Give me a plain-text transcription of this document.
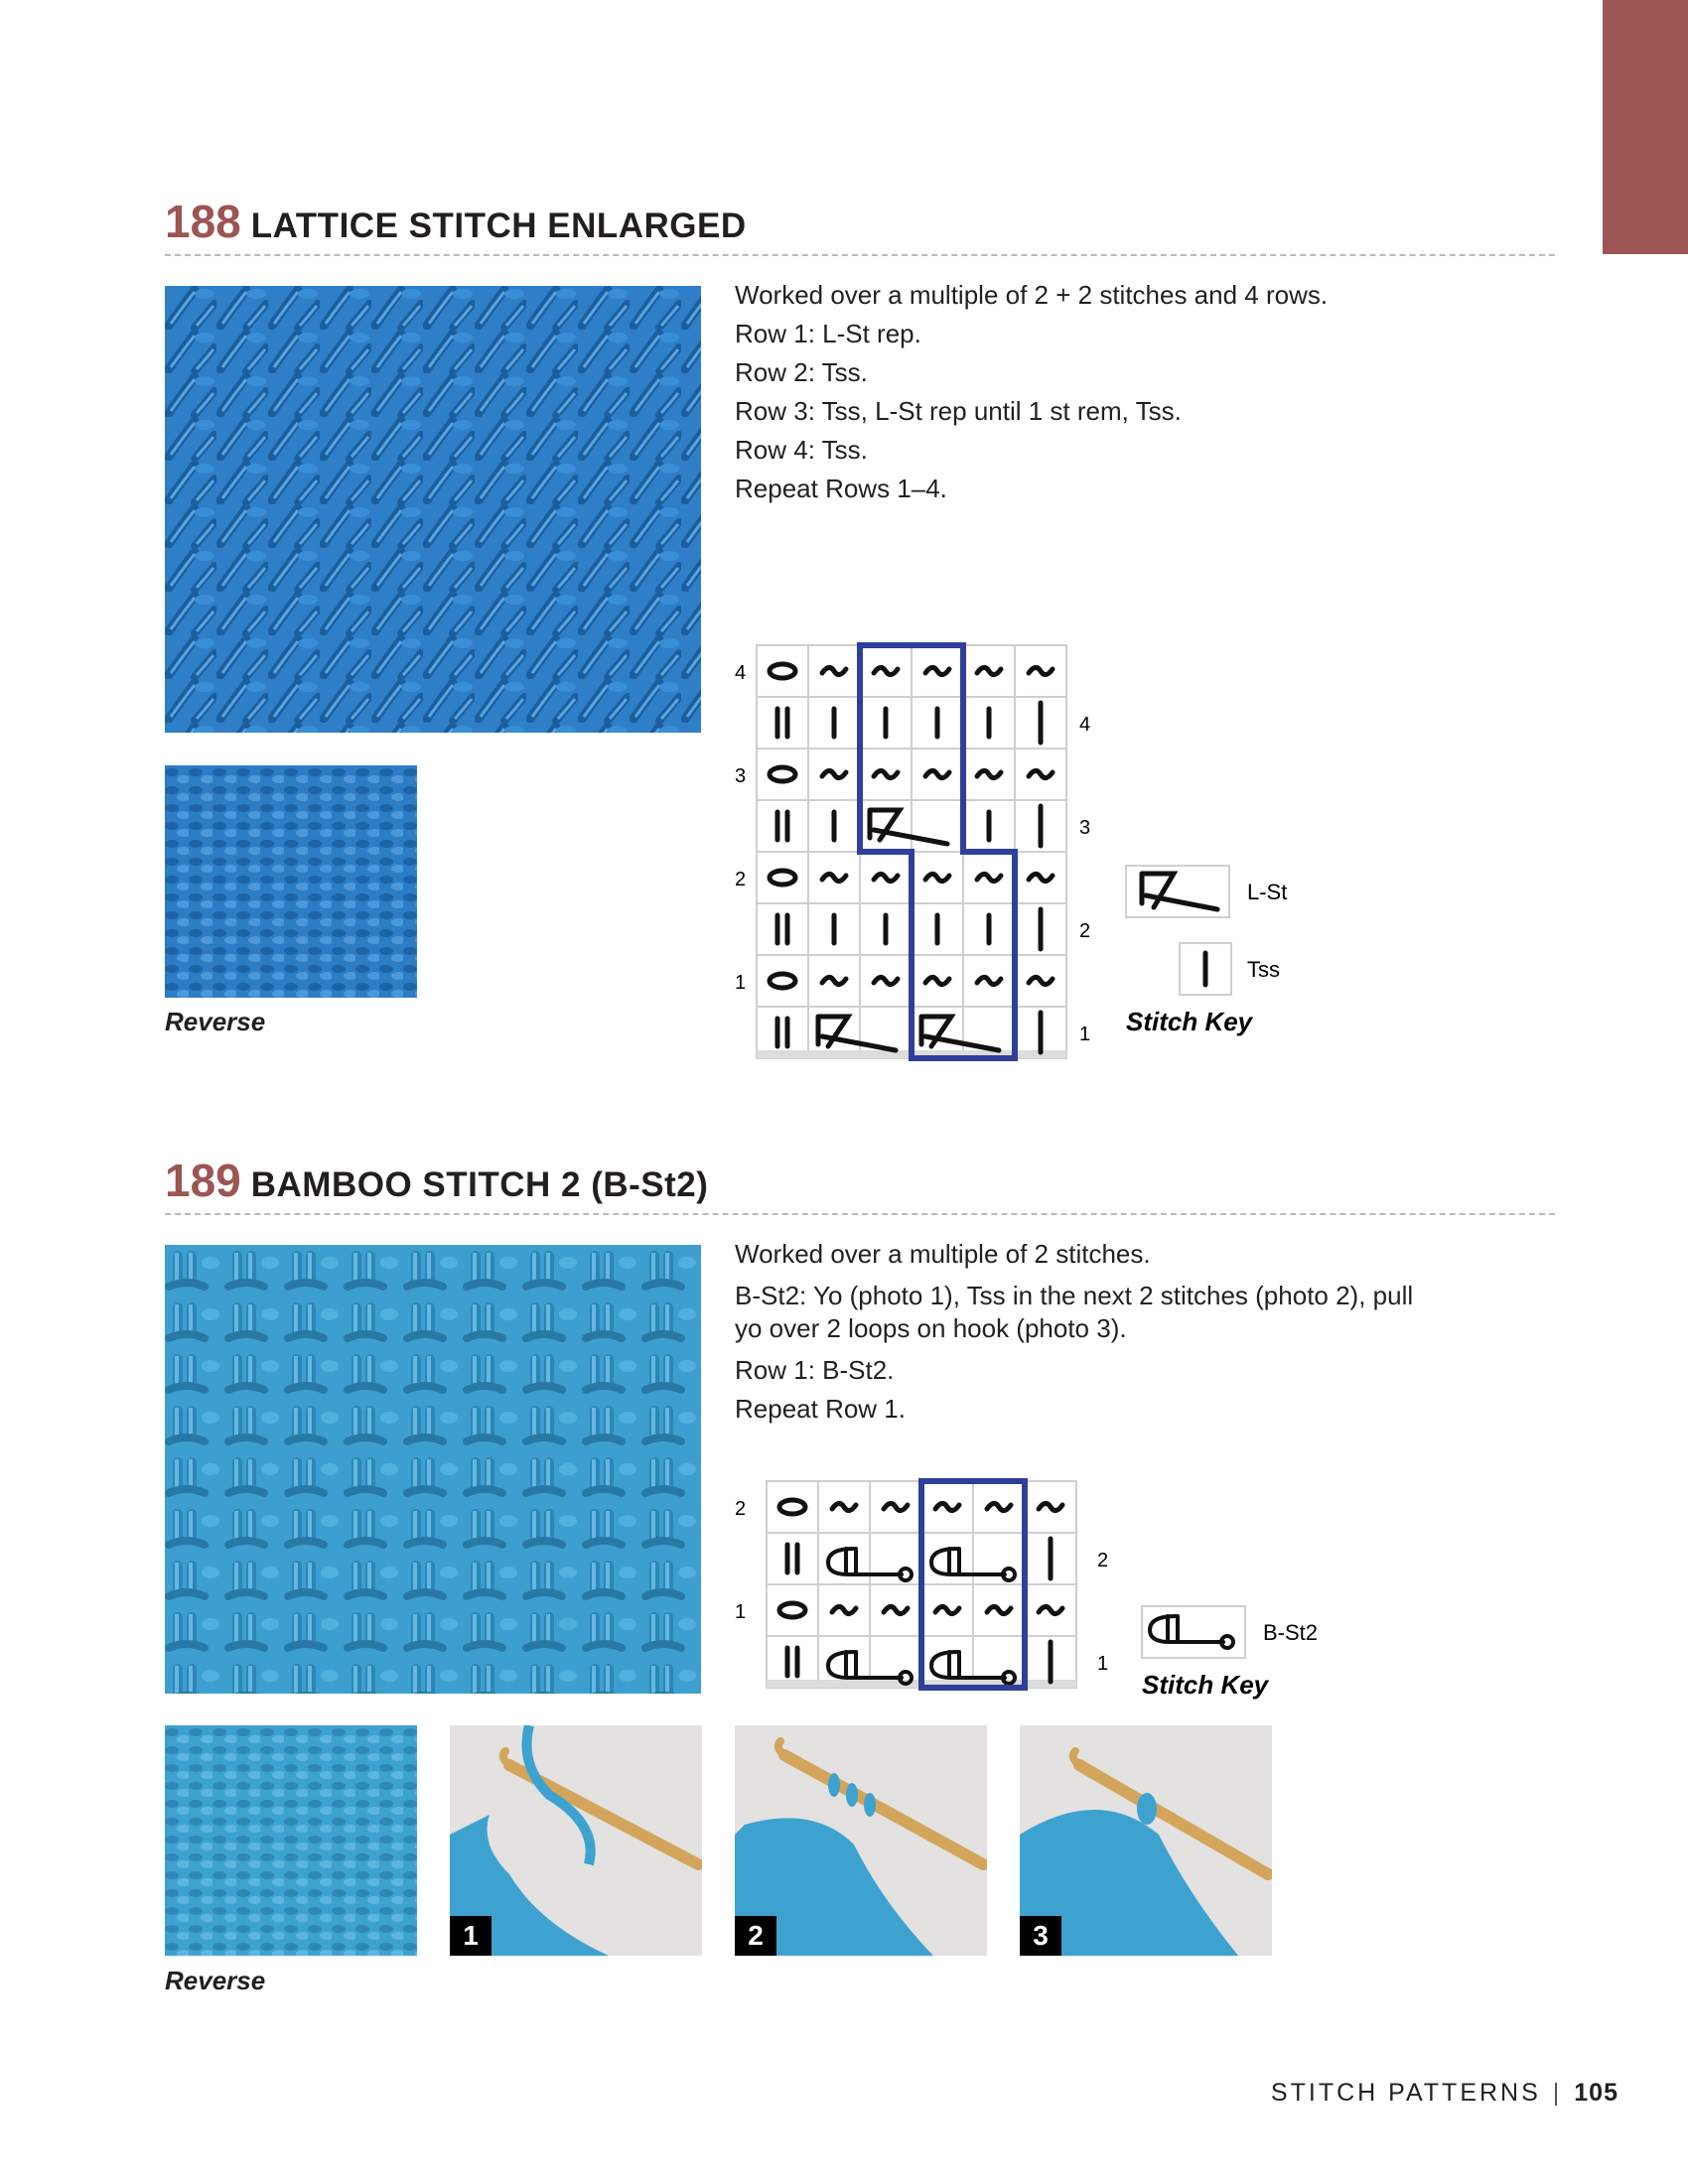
188 LATTICE STITCH ENLARGED
Reverse

Worked over a multiple of 2 + 2 stitches and 4 rows.

Row 1: L-St rep.

Row 2: Tss.

Row 3: Tss, L-St rep until 1 st rem, Tss.

Row 4: Tss.

Repeat Rows 1–4.

4
3
2
1
4
3
2
1
L-St
Tss
Stitch Key
189 BAMBOO STITCH 2 (B-St2)
Reverse

Worked over a multiple of 2 stitches.

B-St2: Yo (photo 1), Tss in the next 2 stitches (photo 2), pull yo over 2 loops on hook (photo 3).

Row 1: B-St2.

Repeat Row 1.

2
1
2
1
B-St2
Stitch Key
1	2	3
STITCH PATTERNS | 105
